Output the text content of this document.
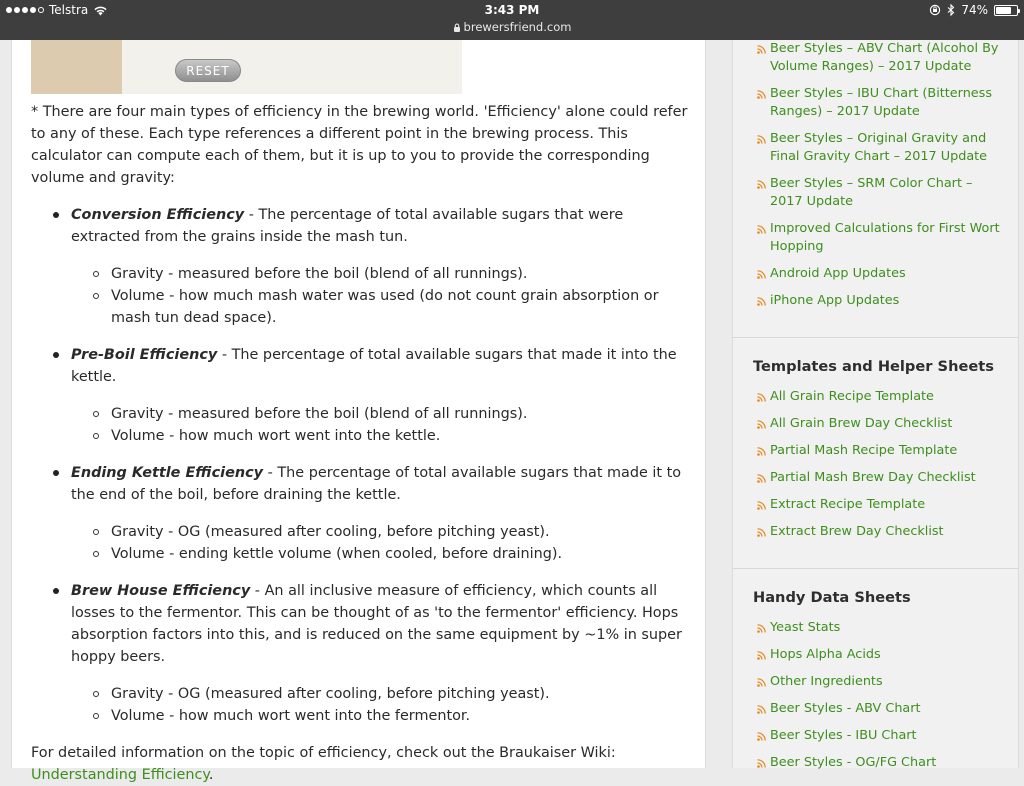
Telstra	3:43 PM
brewersfriend.com
74%
RESET

* There are four main types of efficiency in the brewing world. 'Efficiency' alone could refer to any of these. Each type references a different point in the brewing process. This calculator can compute each of them, but it is up to you to provide the corresponding volume and gravity:

Conversion Efficiency - The percentage of total available sugars that were extracted from the grains inside the mash tun.
Gravity - measured before the boil (blend of all runnings).
Volume - how much mash water was used (do not count grain absorption or mash tun dead space).
Pre-Boil Efficiency - The percentage of total available sugars that made it into the kettle.
Gravity - measured before the boil (blend of all runnings).
Volume - how much wort went into the kettle.
Ending Kettle Efficiency - The percentage of total available sugars that made it to the end of the boil, before draining the kettle.
Gravity - OG (measured after cooling, before pitching yeast).
Volume - ending kettle volume (when cooled, before draining).
Brew House Efficiency - An all inclusive measure of efficiency, which counts all losses to the fermentor. This can be thought of as 'to the fermentor' efficiency. Hops absorption factors into this, and is reduced on the same equipment by ~1% in super hoppy beers.
Gravity - OG (measured after cooling, before pitching yeast).
Volume - how much wort went into the fermentor.

For detailed information on the topic of efficiency, check out the Braukaiser Wiki: Understanding Efficiency.

Beer Styles – ABV Chart (Alcohol By Volume Ranges) – 2017 Update
Beer Styles – IBU Chart (Bitterness Ranges) – 2017 Update
Beer Styles – Original Gravity and Final Gravity Chart – 2017 Update
Beer Styles – SRM Color Chart – 2017 Update
Improved Calculations for First Wort Hopping
Android App Updates
iPhone App Updates
Templates and Helper Sheets
All Grain Recipe Template
All Grain Brew Day Checklist
Partial Mash Recipe Template
Partial Mash Brew Day Checklist
Extract Recipe Template
Extract Brew Day Checklist
Handy Data Sheets
Yeast Stats
Hops Alpha Acids
Other Ingredients
Beer Styles - ABV Chart
Beer Styles - IBU Chart
Beer Styles - OG/FG Chart
